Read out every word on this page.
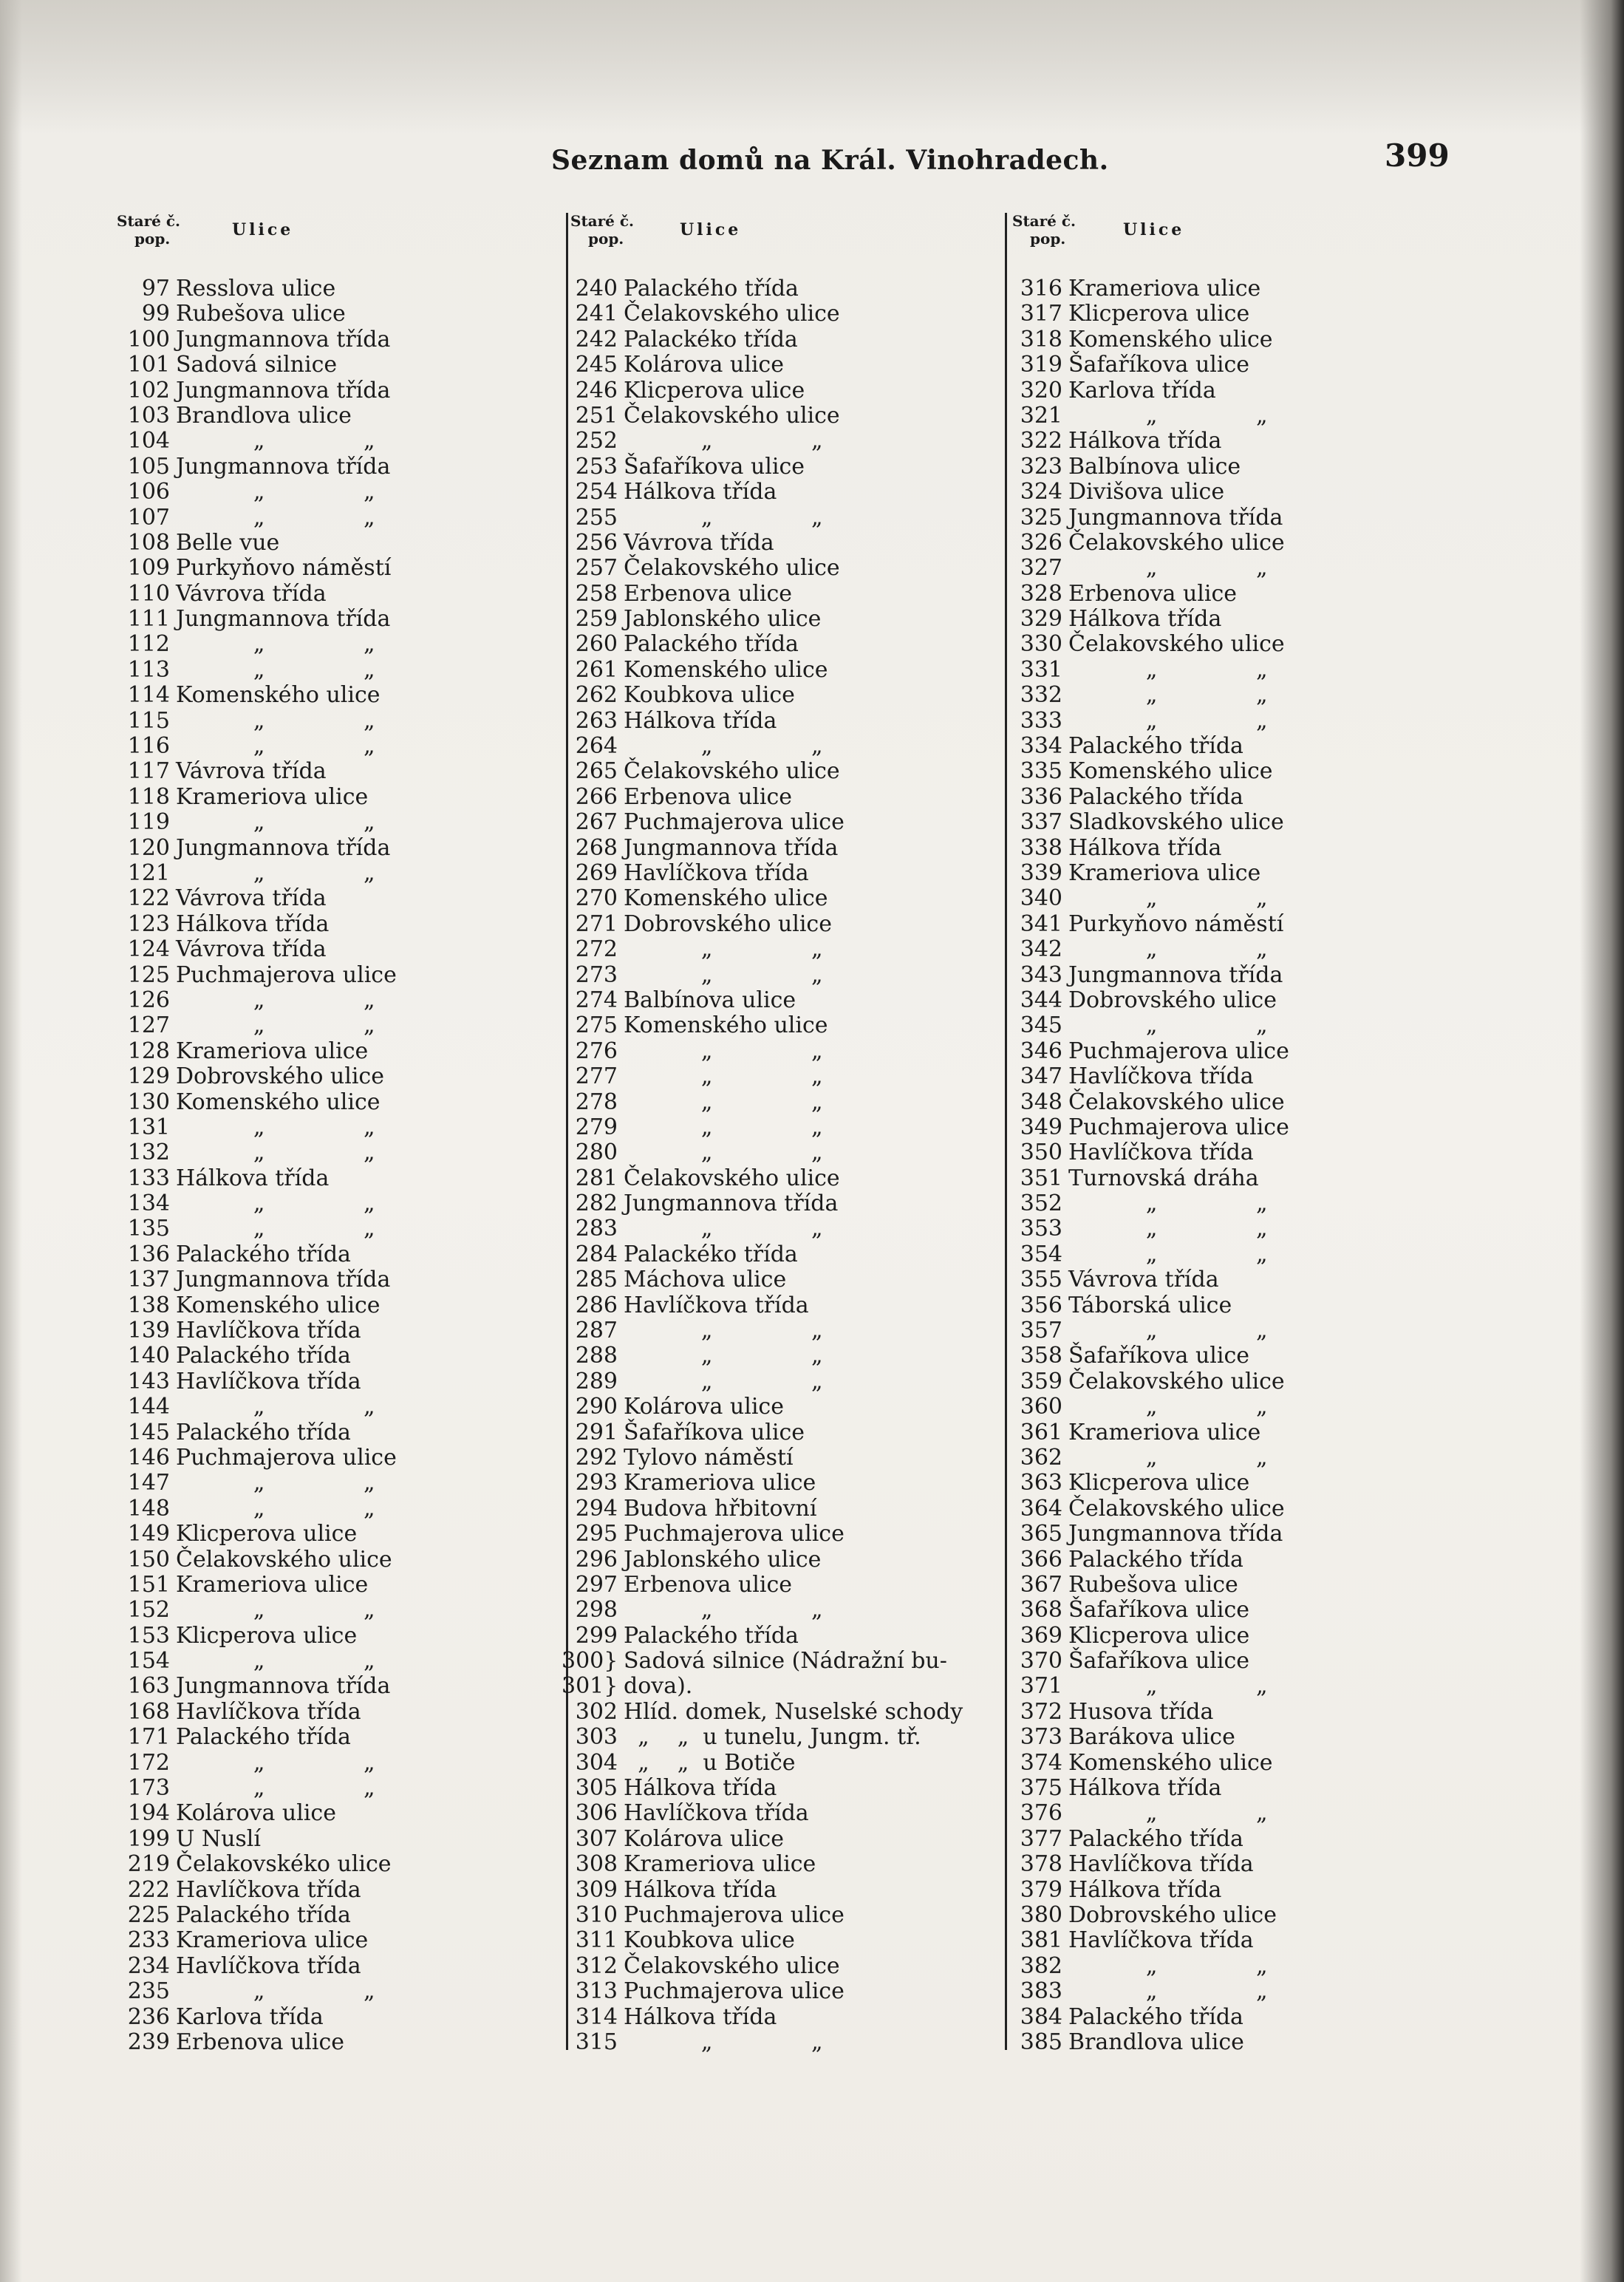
Seznam domů na Král. Vinohradech.	399
Staré č.
pop.	Ulice
97 Resslova ulice
99 Rubešova ulice
100 Jungmannova třída
101 Sadová silnice
102 Jungmannova třída
103 Brandlova ulice
104 „              „
105 Jungmannova třída
106 „              „
107 „              „
108 Belle vue
109 Purkyňovo náměstí
110 Vávrova třída
111 Jungmannova třída
112 „              „
113 „              „
114 Komenského ulice
115 „              „
116 „              „
117 Vávrova třída
118 Krameriova ulice
119 „              „
120 Jungmannova třída
121 „              „
122 Vávrova třída
123 Hálkova třída
124 Vávrova třída
125 Puchmajerova ulice
126 „              „
127 „              „
128 Krameriova ulice
129 Dobrovského ulice
130 Komenského ulice
131 „              „
132 „              „
133 Hálkova třída
134 „              „
135 „              „
136 Palackého třída
137 Jungmannova třída
138 Komenského ulice
139 Havlíčkova třída
140 Palackého třída
143 Havlíčkova třída
144 „              „
145 Palackého třída
146 Puchmajerova ulice
147 „              „
148 „              „
149 Klicperova ulice
150 Čelakovského ulice
151 Krameriova ulice
152 „              „
153 Klicperova ulice
154 „              „
163 Jungmannova třída
168 Havlíčkova třída
171 Palackého třída
172 „              „
173 „              „
194 Kolárova ulice
199 U Nuslí
219 Čelakovskéko ulice
222 Havlíčkova třída
225 Palackého třída
233 Krameriova ulice
234 Havlíčkova třída
235 „              „
236 Karlova třída
239 Erbenova ulice
Staré č.
pop.	Ulice
240 Palackého třída
241 Čelakovského ulice
242 Palackéko třída
245 Kolárova ulice
246 Klicperova ulice
251 Čelakovského ulice
252 „              „
253 Šafaříkova ulice
254 Hálkova třída
255 „              „
256 Vávrova třída
257 Čelakovského ulice
258 Erbenova ulice
259 Jablonského ulice
260 Palackého třída
261 Komenského ulice
262 Koubkova ulice
263 Hálkova třída
264 „              „
265 Čelakovského ulice
266 Erbenova ulice
267 Puchmajerova ulice
268 Jungmannova třída
269 Havlíčkova třída
270 Komenského ulice
271 Dobrovského ulice
272 „              „
273 „              „
274 Balbínova ulice
275 Komenského ulice
276 „              „
277 „              „
278 „              „
279 „              „
280 „              „
281 Čelakovského ulice
282 Jungmannova třída
283 „              „
284 Palackéko třída
285 Máchova ulice
286 Havlíčkova třída
287 „              „
288 „              „
289 „              „
290 Kolárova ulice
291 Šafaříkova ulice
292 Tylovo náměstí
293 Krameriova ulice
294 Budova hřbitovní
295 Puchmajerova ulice
296 Jablonského ulice
297 Erbenova ulice
298 „              „
299 Palackého třída
300} Sadová silnice (Nádražní bu-
301} dova).
302 Hlíd. domek, Nuselské schody
303 „    „  u tunelu, Jungm. tř.
304 „    „  u Botiče
305 Hálkova třída
306 Havlíčkova třída
307 Kolárova ulice
308 Krameriova ulice
309 Hálkova třída
310 Puchmajerova ulice
311 Koubkova ulice
312 Čelakovského ulice
313 Puchmajerova ulice
314 Hálkova třída
315 „              „
Staré č.
pop.	Ulice
316 Krameriova ulice
317 Klicperova ulice
318 Komenského ulice
319 Šafaříkova ulice
320 Karlova třída
321 „              „
322 Hálkova třída
323 Balbínova ulice
324 Divišova ulice
325 Jungmannova třída
326 Čelakovského ulice
327 „              „
328 Erbenova ulice
329 Hálkova třída
330 Čelakovského ulice
331 „              „
332 „              „
333 „              „
334 Palackého třída
335 Komenského ulice
336 Palackého třída
337 Sladkovského ulice
338 Hálkova třída
339 Krameriova ulice
340 „              „
341 Purkyňovo náměstí
342 „              „
343 Jungmannova třída
344 Dobrovského ulice
345 „              „
346 Puchmajerova ulice
347 Havlíčkova třída
348 Čelakovského ulice
349 Puchmajerova ulice
350 Havlíčkova třída
351 Turnovská dráha
352 „              „
353 „              „
354 „              „
355 Vávrova třída
356 Táborská ulice
357 „              „
358 Šafaříkova ulice
359 Čelakovského ulice
360 „              „
361 Krameriova ulice
362 „              „
363 Klicperova ulice
364 Čelakovského ulice
365 Jungmannova třída
366 Palackého třída
367 Rubešova ulice
368 Šafaříkova ulice
369 Klicperova ulice
370 Šafaříkova ulice
371 „              „
372 Husova třída
373 Barákova ulice
374 Komenského ulice
375 Hálkova třída
376 „              „
377 Palackého třída
378 Havlíčkova třída
379 Hálkova třída
380 Dobrovského ulice
381 Havlíčkova třída
382 „              „
383 „              „
384 Palackého třída
385 Brandlova ulice
